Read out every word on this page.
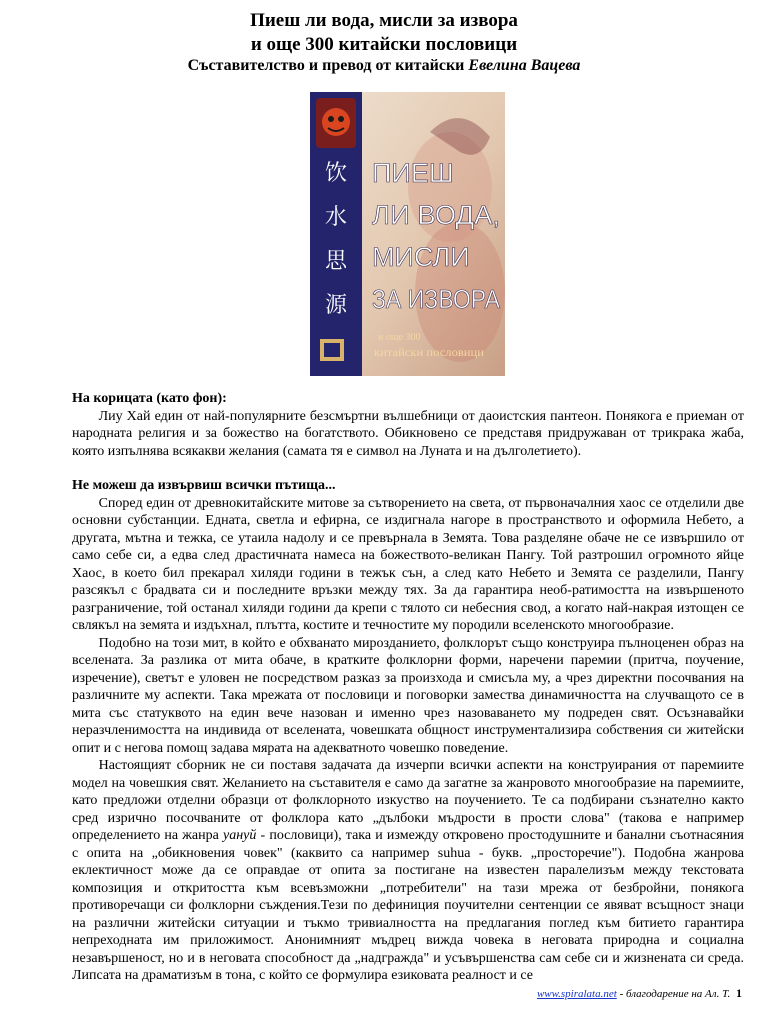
Пиеш ли вода, мисли за извора
и още 300 китайски пословици
Съставителство и превод от китайски Евелина Вацева
饮
水
思
源
ПИЕШ
ЛИ ВОДА,
МИСЛИ
ЗА ИЗВОРА
и още 300
китайски пословици

На корицата (като фон):

Лиу Хай един от най-популярните безсмъртни вълшебници от даоистския пантеон. Понякога е приеман от народната религия и за божество на богатството. Обикновено се представя придружаван от трикрака жаба, която изпълнява всякакви желания (самата тя е символ на Луната и на дълголетието).

Не можеш да извървиш всички пътища...

Според един от древнокитайските митове за сътворението на света, от първоначалния хаос се отделили две основни субстанции. Едната, светла и ефирна, се издигнала нагоре в пространството и оформила Небето, а другата, мътна и тежка, се утаила надолу и се превърнала в Земята. Това разделяне обаче не се извършило от само себе си, а едва след драстичната намеса на божеството-великан Пангу. Той разтрошил огромното яйце Хаос, в което бил прекарал хиляди години в тежък сън, а след като Небето и Земята се разделили, Пангу разсякъл с брадвата си и последните връзки между тях. За да гарантира необ-ратимостта на извършеното разграничение, той останал хиляди години да крепи с тялото си небесния свод, а когато най-накрая изтощен се свлякъл на земята и издъхнал, плътта, костите и течностите му породили вселенското многообразие.

Подобно на този мит, в който е обхванато мирозданието, фолклорът също конструира пълноценен образ на вселената. За разлика от мита обаче, в кратките фолклорни форми, наречени паремии (притча, поучение, изречение), светът е уловен не посредством разказ за произхода и смисъла му, а чрез директни посочвания на различните му аспекти. Така мрежата от пословици и поговорки замества динамичността на случващото се в мита със статуквото на един вече назован и именно чрез назоваването му подреден свят. Осъзнавайки неразчленимостта на индивида от вселената, човешката общност инструментализира собствения си житейски опит и с негова помощ задава мярата на адекватното човешко поведение.

Настоящият сборник не си поставя задачата да изчерпи всички аспекти на конструирания от паремиите модел на човешкия свят. Желанието на съставителя е само да загатне за жанровото многообразие на паремиите, като предложи отделни образци от фолклорното изкуство на поучението. Те са подбирани съзнателно както сред изрично посочваните от фолклора като „дълбоки мъдрости в прости слова" (такова е например определението на жанра уануй - пословици), така и измежду откровено простодушните и банални съотнасяния с опита на „обикновения човек" (каквито са например suhua - букв. „просторечие"). Подобна жанрова еклектичност може да се оправдае от опита за постигане на известен паралелизъм между текстовата композиция и откритостта към всевъзможни „потребители" на тази мрежа от безбройни, понякога противоречащи си фолклорни съждения.Тези по дефиниция поучителни сентенции се явяват всъщност знаци на различни житейски ситуации и тъкмо тривиалността на предлагания поглед към битието гарантира непреходната им приложимост. Анонимният мъдрец вижда човека в неговата природна и социална незавършеност, но и в неговата способност да „надгражда" и усъвършенства сам себе си и жизнената си среда. Липсата на драматизъм в тона, с който се формулира езиковата реалност и се

www.spiralata.net - благодарение на Ал. Т. 1
